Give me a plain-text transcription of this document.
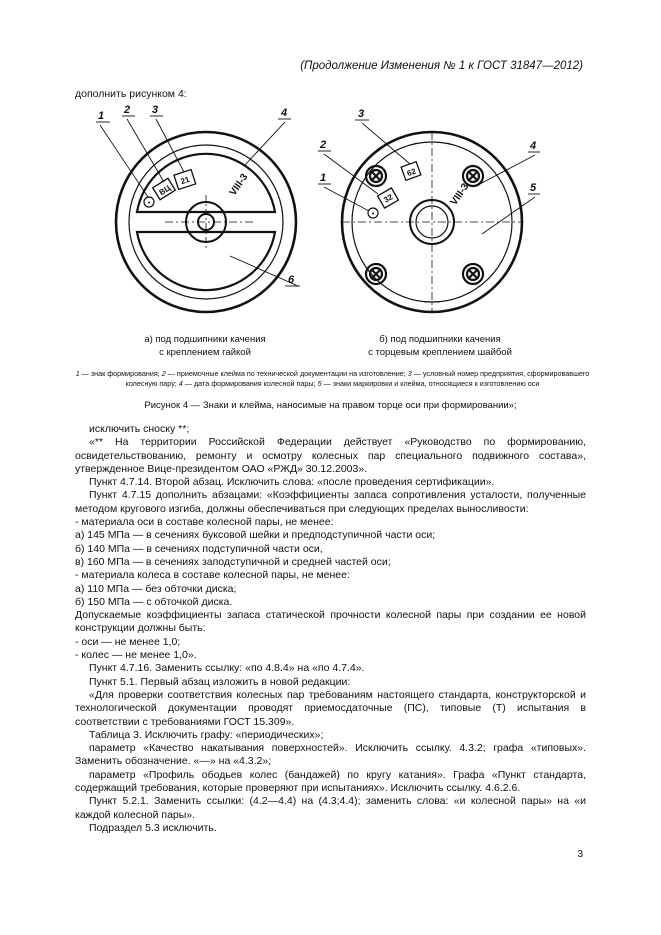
(Продолжение Изменения № 1 к ГОСТ 31847—2012)
дополнить рисунком 4:
•
ВЦ
21	VIII-3
1 2 3	4
6
•
32
62
VIII-3
3
2
1
4
5
а) под подшипники качения
с креплением гайкой
б) под подшипники качения
с торцевым креплением шайбой
1 — знак формирования; 2 — приемочные клейма по технической документации на изготовление; 3 — условный номер предприятия, сформировавшего колесную пару; 4 — дата формирования колесной пары; 5 — знаки маркировки и клейма, относящиеся к изготовлению оси
Рисунок 4 — Знаки и клейма, наносимые на правом торце оси при формировании»;

исключить сноску **;

«** На территории Российской Федерации действует «Руководство по формированию, освидетельствованию, ремонту и осмотру колесных пар специального подвижного состава», утвержденное Вице-президентом ОАО «РЖД» 30.12.2003».

Пункт 4.7.14. Второй абзац. Исключить слова: «после проведения сертификации».

Пункт 4.7.15 дополнить абзацами: «Коэффициенты запаса сопротивления усталости, полученные методом кругового изгиба, должны обеспечиваться при следующих пределах выносливости:

- материала оси в составе колесной пары, не менее:

а) 145 МПа — в сечениях буксовой шейки и предподступичной части оси;

б) 140 МПа — в сечениях подступичной части оси,

в) 160 МПа — в сечениях заподступичной и средней частей оси;

- материала колеса в составе колесной пары, не менее:

а) 110 МПа — без обточки диска;

б) 150 МПа — с обточкой диска.

Допускаемые коэффициенты запаса статической прочности колесной пары при создании ее новой конструкции должны быть:

- оси — не менее 1,0;

- колес — не менее 1,0».

Пункт 4.7.16. Заменить ссылку: «по 4.8.4» на «по 4.7.4».

Пункт 5.1. Первый абзац изложить в новой редакции:

«Для проверки соответствия колесных пар требованиям настоящего стандарта, конструкторской и технологической документации проводят приемосдаточные (ПС), типовые (Т) испытания в соответствии с требованиями ГОСТ 15.309».

Таблица 3. Исключить графу: «периодических»;

параметр «Качество накатывания поверхностей». Исключить ссылку. 4.3.2; графа «типовых». Заменить обозначение. «—» на «4.3.2»;

параметр «Профиль ободьев колес (бандажей) по кругу катания». Графа «Пункт стандарта, содержащий требования, которые проверяют при испытаниях». Исключить ссылку. 4.6.2.6.

Пункт 5.2.1. Заменить ссылки: (4.2—4.4) на (4.3;4.4); заменить слова: «и колесной пары» на «и каждой колесной пары».

Подраздел 5.3 исключить.

3
